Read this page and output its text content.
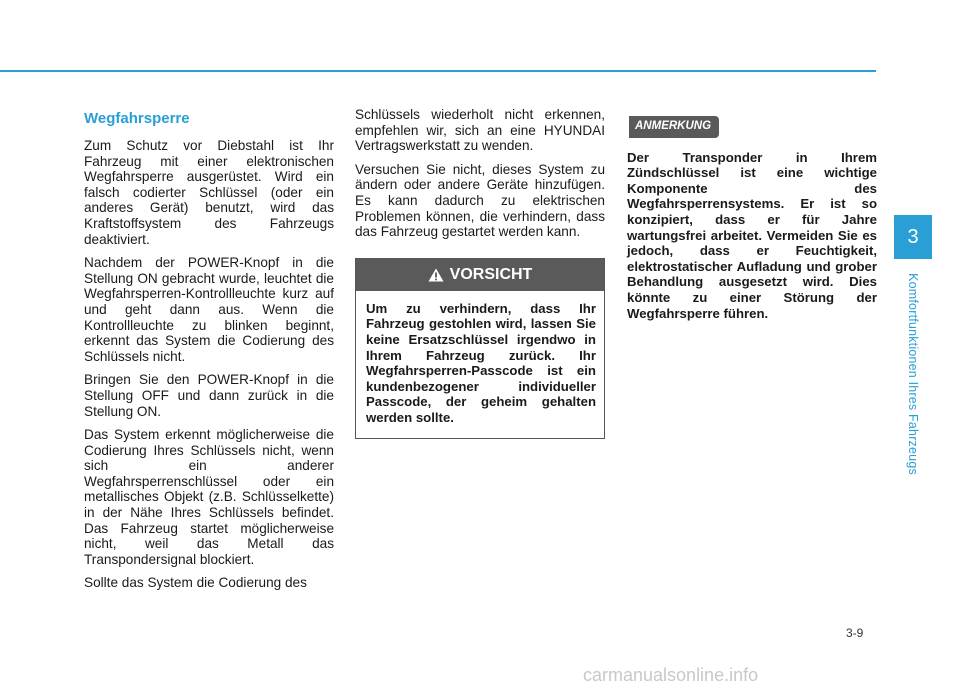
Wegfahrsperre

Zum Schutz vor Diebstahl ist Ihr Fahrzeug mit einer elektronischen Wegfahrsperre ausgerüstet. Wird ein falsch codierter Schlüssel (oder ein anderes Gerät) benutzt, wird das Kraftstoffsystem des Fahrzeugs deaktiviert.

Nachdem der POWER-Knopf in die Stellung ON gebracht wurde, leuchtet die Wegfahrsperren-Kontrollleuchte kurz auf und geht dann aus. Wenn die Kontrollleuchte zu blinken beginnt, erkennt das System die Codierung des Schlüssels nicht.

Bringen Sie den POWER-Knopf in die Stellung OFF und dann zurück in die Stellung ON.

Das System erkennt möglicherweise die Codierung Ihres Schlüssels nicht, wenn sich ein anderer Wegfahrsperrenschlüssel oder ein metallisches Objekt (z.B. Schlüsselkette) in der Nähe Ihres Schlüssels befindet. Das Fahrzeug startet möglicherweise nicht, weil das Metall das Transpondersignal blockiert.

Sollte das System die Codierung des

Schlüssels wiederholt nicht erkennen, empfehlen wir, sich an eine HYUNDAI Vertragswerkstatt zu wenden.

Versuchen Sie nicht, dieses System zu ändern oder andere Geräte hinzufügen. Es kann dadurch zu elektrischen Problemen können, die verhindern, dass das Fahrzeug gestartet werden kann.

VORSICHT
Um zu verhindern, dass Ihr Fahrzeug gestohlen wird, lassen Sie keine Ersatzschlüssel irgendwo in Ihrem Fahrzeug zurück. Ihr Wegfahrsperren-Passcode ist ein kundenbezogener individueller Passcode, der geheim gehalten werden sollte.
ANMERKUNG

Der Transponder in Ihrem Zündschlüssel ist eine wichtige Komponente des Wegfahrsperrensystems. Er ist so konzipiert, dass er für Jahre wartungsfrei arbeitet. Vermeiden Sie es jedoch, dass er Feuchtigkeit, elektrostatischer Aufladung und grober Behandlung ausgesetzt wird. Dies könnte zu einer Störung der Wegfahrsperre führen.

3
Komfortfunktionen Ihres Fahrzeugs
3-9
carmanualsonline.info
